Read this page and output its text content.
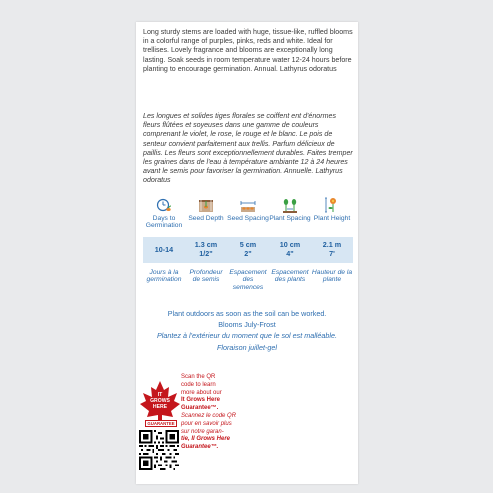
Long sturdy stems are loaded with huge, tissue-like, ruffled blooms in a colorful range of purples, pinks, reds and white. Ideal for trellises. Lovely fragrance and blooms are exceptionally long lasting. Soak seeds in room temperature water 12-24 hours before planting to encourage germination. Annual. Lathyrus odoratus

Les longues et solides tiges florales se coiffent ent d'énormes fleurs flûtées et soyeuses dans une gamme de couleurs comprenant le violet, le rose, le rouge et le blanc. Le pois de senteur convient parfaitement aux trellis. Parfum délicieux de paillis. Les fleurs sont exceptionnellement durables. Faites tremper les graines dans de l'eau à température ambiante 12 à 24 heures avant le semis pour favoriser la germination. Annuelle. Lathyrus odoratus

Days to Germination
10-14
Jours à la germination
Seed Depth
1.3 cm
1/2"
Profondeur de semis
Seed Spacing
5 cm
2"
Espacement des semences
Plant Spacing
10 cm
4"
Espacement des plants
Plant Height
2.1 m
7'
Hauteur de la plante
Plant outdoors as soon as the soil can be worked.
Blooms July-Frost
Plantez à l'extérieur du moment que le sol est malléable.
Floraison juillet-gel
IT
GROWS
HERE
GUARANTEE
Scan the QR
code to learn
more about our
It Grows Here
Guarantee™.
Scannez le code QR
pour en savoir plus
sur notre garan-
tie, Il Grows Here
Guarantee™.
